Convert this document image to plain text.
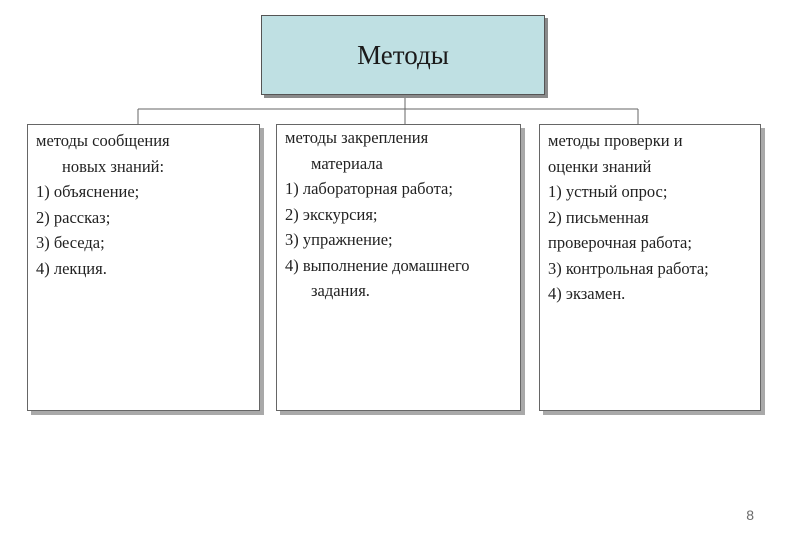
Методы
методы сообщения
новых знаний:
1) объяснение;
2) рассказ;
3) беседа;
4) лекция.
методы закрепления
материала
1) лабораторная работа;
2) экскурсия;
3) упражнение;
4) выполнение домашнего
задания.
методы проверки и
оценки знаний
1) устный опрос;
2) письменная
проверочная работа;
3) контрольная работа;
4) экзамен.
8
